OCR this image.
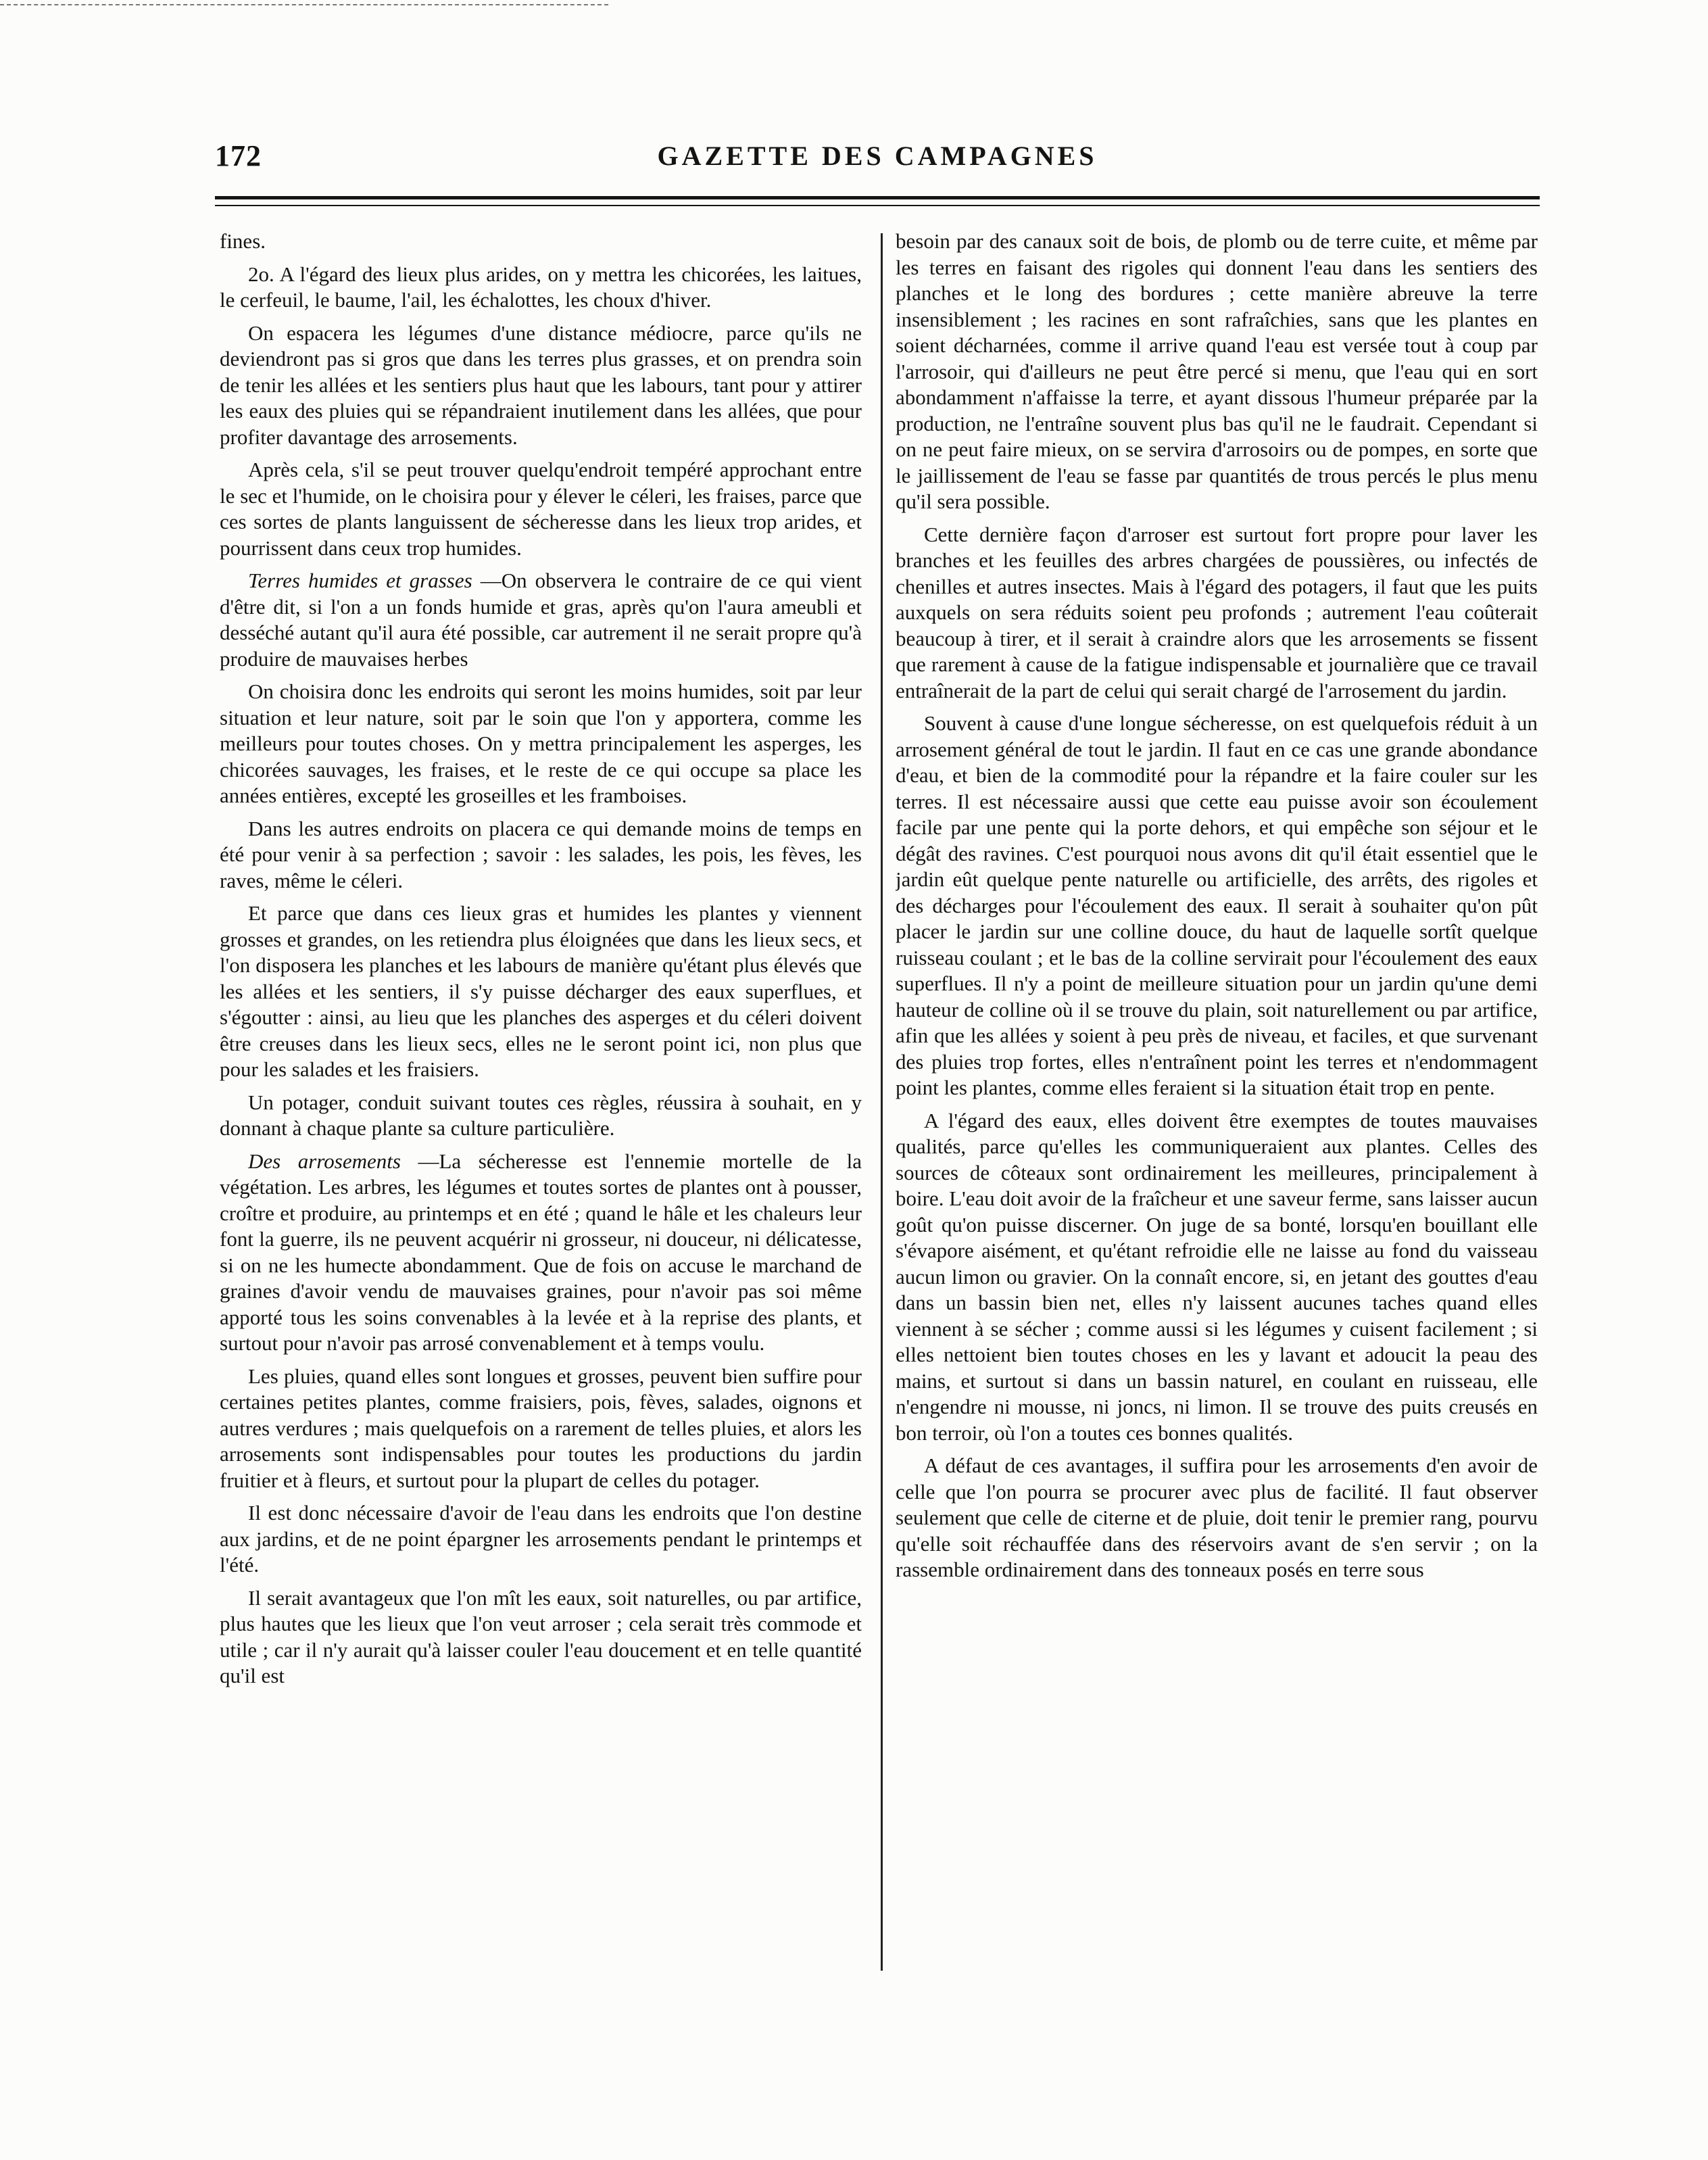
172	GAZETTE DES CAMPAGNES

fines.

2o. A l'égard des lieux plus arides, on y mettra les chicorées, les laitues, le cerfeuil, le baume, l'ail, les échalottes, les choux d'hiver.

On espacera les légumes d'une distance médiocre, parce qu'ils ne deviendront pas si gros que dans les terres plus grasses, et on prendra soin de tenir les allées et les sentiers plus haut que les labours, tant pour y attirer les eaux des pluies qui se répandraient inutilement dans les allées, que pour profiter davantage des arrosements.

Après cela, s'il se peut trouver quelqu'endroit tempéré approchant entre le sec et l'humide, on le choisira pour y élever le céleri, les fraises, parce que ces sortes de plants languissent de sécheresse dans les lieux trop arides, et pourrissent dans ceux trop humides.

Terres humides et grasses —On observera le contraire de ce qui vient d'être dit, si l'on a un fonds humide et gras, après qu'on l'aura ameubli et desséché autant qu'il aura été possible, car autrement il ne serait propre qu'à produire de mauvaises herbes

On choisira donc les endroits qui seront les moins humides, soit par leur situation et leur nature, soit par le soin que l'on y apportera, comme les meilleurs pour toutes choses. On y mettra principalement les asperges, les chicorées sauvages, les fraises, et le reste de ce qui occupe sa place les années entières, excepté les groseilles et les framboises.

Dans les autres endroits on placera ce qui demande moins de temps en été pour venir à sa perfection ; savoir : les salades, les pois, les fèves, les raves, même le céleri.

Et parce que dans ces lieux gras et humides les plantes y viennent grosses et grandes, on les retiendra plus éloignées que dans les lieux secs, et l'on disposera les planches et les labours de manière qu'étant plus élevés que les allées et les sentiers, il s'y puisse décharger des eaux superflues, et s'égoutter : ainsi, au lieu que les planches des asperges et du céleri doivent être creuses dans les lieux secs, elles ne le seront point ici, non plus que pour les salades et les fraisiers.

Un potager, conduit suivant toutes ces règles, réussira à souhait, en y donnant à chaque plante sa culture particulière.

Des arrosements —La sécheresse est l'ennemie mortelle de la végétation. Les arbres, les légumes et toutes sortes de plantes ont à pousser, croître et produire, au printemps et en été ; quand le hâle et les chaleurs leur font la guerre, ils ne peuvent acquérir ni grosseur, ni douceur, ni délicatesse, si on ne les humecte abondamment. Que de fois on accuse le marchand de graines d'avoir vendu de mauvaises graines, pour n'avoir pas soi même apporté tous les soins convenables à la levée et à la reprise des plants, et surtout pour n'avoir pas arrosé convenablement et à temps voulu.

Les pluies, quand elles sont longues et grosses, peuvent bien suffire pour certaines petites plantes, comme fraisiers, pois, fèves, salades, oignons et autres verdures ; mais quelquefois on a rarement de telles pluies, et alors les arrosements sont indispensables pour toutes les productions du jardin fruitier et à fleurs, et surtout pour la plupart de celles du potager.

Il est donc nécessaire d'avoir de l'eau dans les endroits que l'on destine aux jardins, et de ne point épargner les arrosements pendant le printemps et l'été.

Il serait avantageux que l'on mît les eaux, soit naturelles, ou par artifice, plus hautes que les lieux que l'on veut arroser ; cela serait très commode et utile ; car il n'y aurait qu'à laisser couler l'eau doucement et en telle quantité qu'il est

besoin par des canaux soit de bois, de plomb ou de terre cuite, et même par les terres en faisant des rigoles qui donnent l'eau dans les sentiers des planches et le long des bordures ; cette manière abreuve la terre insensiblement ; les racines en sont rafraîchies, sans que les plantes en soient décharnées, comme il arrive quand l'eau est versée tout à coup par l'arrosoir, qui d'ailleurs ne peut être percé si menu, que l'eau qui en sort abondamment n'affaisse la terre, et ayant dissous l'humeur préparée par la production, ne l'entraîne souvent plus bas qu'il ne le faudrait. Cependant si on ne peut faire mieux, on se servira d'arrosoirs ou de pompes, en sorte que le jaillissement de l'eau se fasse par quantités de trous percés le plus menu qu'il sera possible.

Cette dernière façon d'arroser est surtout fort propre pour laver les branches et les feuilles des arbres chargées de poussières, ou infectés de chenilles et autres insectes. Mais à l'égard des potagers, il faut que les puits auxquels on sera réduits soient peu profonds ; autrement l'eau coûterait beaucoup à tirer, et il serait à craindre alors que les arrosements se fissent que rarement à cause de la fatigue indispensable et journalière que ce travail entraînerait de la part de celui qui serait chargé de l'arrosement du jardin.

Souvent à cause d'une longue sécheresse, on est quelquefois réduit à un arrosement général de tout le jardin. Il faut en ce cas une grande abondance d'eau, et bien de la commodité pour la répandre et la faire couler sur les terres. Il est nécessaire aussi que cette eau puisse avoir son écoulement facile par une pente qui la porte dehors, et qui empêche son séjour et le dégât des ravines. C'est pourquoi nous avons dit qu'il était essentiel que le jardin eût quelque pente naturelle ou artificielle, des arrêts, des rigoles et des décharges pour l'écoulement des eaux. Il serait à souhaiter qu'on pût placer le jardin sur une colline douce, du haut de laquelle sortît quelque ruisseau coulant ; et le bas de la colline servirait pour l'écoulement des eaux superflues. Il n'y a point de meilleure situation pour un jardin qu'une demi hauteur de colline où il se trouve du plain, soit naturellement ou par artifice, afin que les allées y soient à peu près de niveau, et faciles, et que survenant des pluies trop fortes, elles n'entraînent point les terres et n'endommagent point les plantes, comme elles feraient si la situation était trop en pente.

A l'égard des eaux, elles doivent être exemptes de toutes mauvaises qualités, parce qu'elles les communiqueraient aux plantes. Celles des sources de côteaux sont ordinairement les meilleures, principalement à boire. L'eau doit avoir de la fraîcheur et une saveur ferme, sans laisser aucun goût qu'on puisse discerner. On juge de sa bonté, lorsqu'en bouillant elle s'évapore aisément, et qu'étant refroidie elle ne laisse au fond du vaisseau aucun limon ou gravier. On la connaît encore, si, en jetant des gouttes d'eau dans un bassin bien net, elles n'y laissent aucunes taches quand elles viennent à se sécher ; comme aussi si les légumes y cuisent facilement ; si elles nettoient bien toutes choses en les y lavant et adoucit la peau des mains, et surtout si dans un bassin naturel, en coulant en ruisseau, elle n'engendre ni mousse, ni joncs, ni limon. Il se trouve des puits creusés en bon terroir, où l'on a toutes ces bonnes qualités.

A défaut de ces avantages, il suffira pour les arrosements d'en avoir de celle que l'on pourra se procurer avec plus de facilité. Il faut observer seulement que celle de citerne et de pluie, doit tenir le premier rang, pourvu qu'elle soit réchauffée dans des réservoirs avant de s'en servir ; on la rassemble ordinairement dans des tonneaux posés en terre sous
